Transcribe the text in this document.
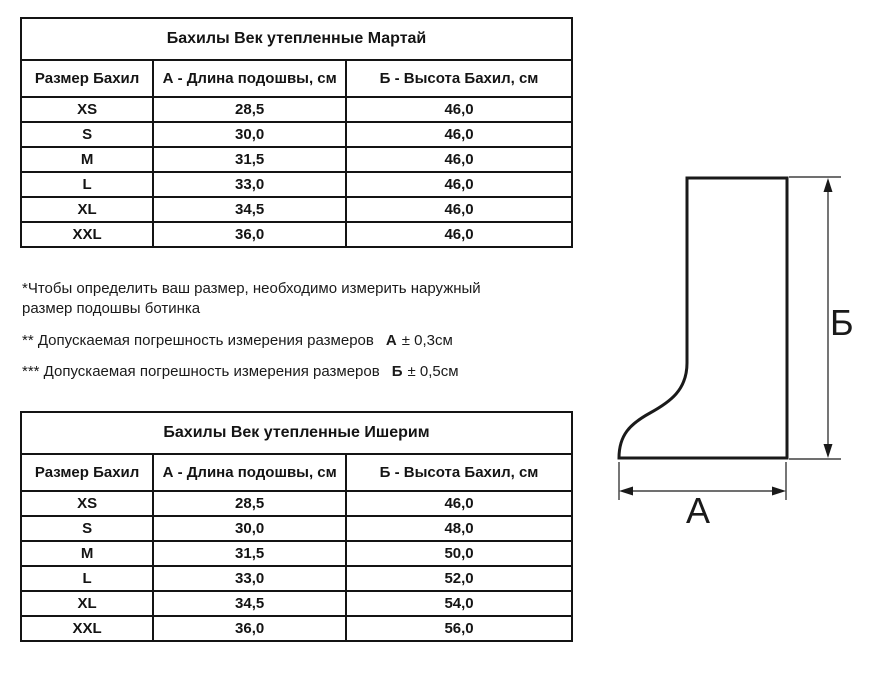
Бахилы Век утепленные Мартай		
Размер Бахил	А - Длина подошвы, см	Б - Высота Бахил, см
XS	28,5	46,0
S	30,0	46,0
M	31,5	46,0
L	33,0	46,0
XL	34,5	46,0
XXL	36,0	46,0

*Чтобы определить ваш размер, необходимо измерить наружный размер подошвы ботинка

** Допускаемая погрешность измерения размеров А ± 0,3см

*** Допускаемая погрешность измерения размеров Б ± 0,5см

Бахилы Век утепленные Ишерим		
Размер Бахил	А - Длина подошвы, см	Б - Высота Бахил, см
XS	28,5	46,0
S	30,0	48,0
M	31,5	50,0
L	33,0	52,0
XL	34,5	54,0
XXL	36,0	56,0
Б
А
